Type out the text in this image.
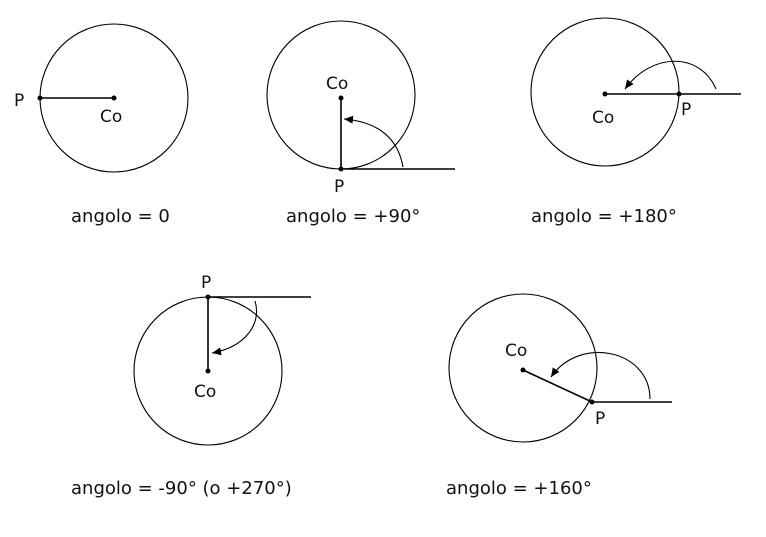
P
Co
angolo = 0
Co
P
angolo = +90°
Co	P
angolo = +180°
P
Co
angolo = -90° (o +270°)
Co
P
angolo = +160°
